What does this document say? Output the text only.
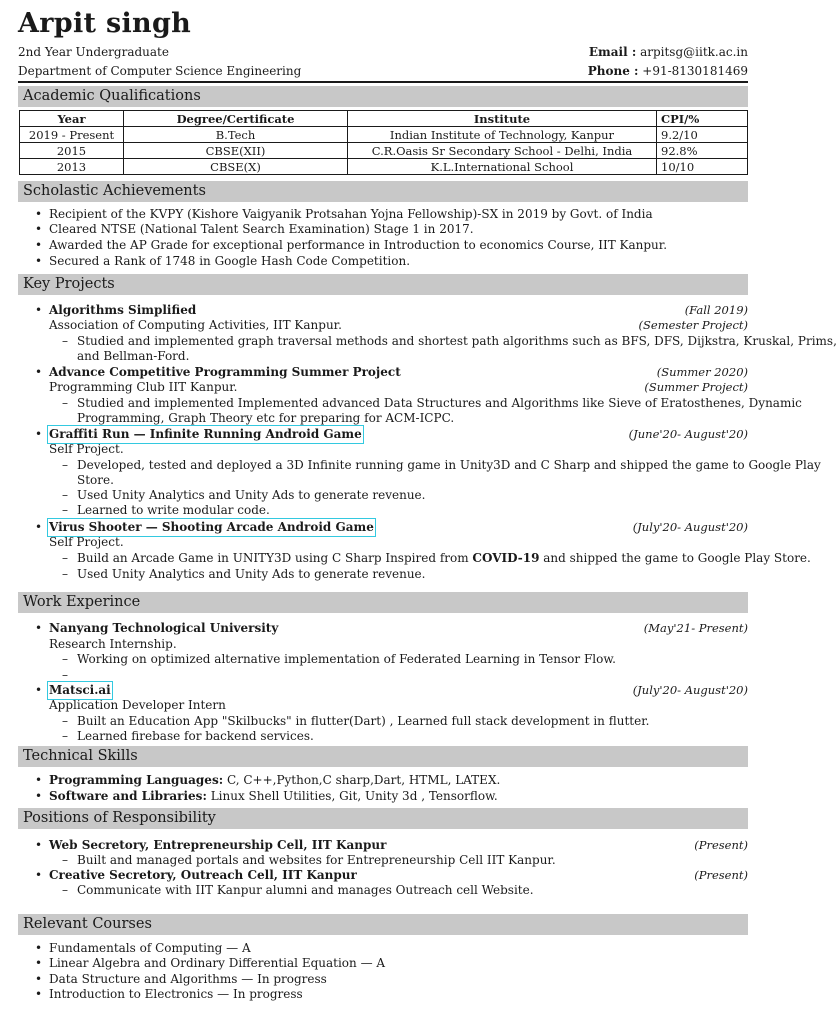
Arpit singh
2nd Year Undergraduate
Department of Computer Science Engineering
Email : arpitsg@iitk.ac.in
Phone : +91-8130181469
Academic Qualifications
Year	Degree/Certificate	Institute	CPI/%
2019 - Present	B.Tech	Indian Institute of Technology, Kanpur	9.2/10
2015	CBSE(XII)	C.R.Oasis Sr Secondary School - Delhi, India	92.8%
2013	CBSE(X)	K.L.International School	10/10
Scholastic Achievements
• Recipient of the KVPY (Kishore Vaigyanik Protsahan Yojna Fellowship)-SX in 2019 by Govt. of India
• Cleared NTSE (National Talent Search Examination) Stage 1 in 2017.
• Awarded the AP Grade for exceptional performance in Introduction to economics Course, IIT Kanpur.
• Secured a Rank of 1748 in Google Hash Code Competition.
Key Projects
• Algorithms Simplified	(Fall 2019)
Association of Computing Activities, IIT Kanpur.	(Semester Project)
– Studied and implemented graph traversal methods and shortest path algorithms such as BFS, DFS, Dijkstra, Kruskal, Prims,
and Bellman-Ford.
• Advance Competitive Programming Summer Project	(Summer 2020)
Programming Club IIT Kanpur.	(Summer Project)
– Studied and implemented Implemented advanced Data Structures and Algorithms like Sieve of Eratosthenes, Dynamic
Programming, Graph Theory etc for preparing for ACM-ICPC.
• Graffiti Run — Infinite Running Android Game	(June'20- August'20)
Self Project.
– Developed, tested and deployed a 3D Infinite running game in Unity3D and C Sharp and shipped the game to Google Play
Store.
– Used Unity Analytics and Unity Ads to generate revenue.
– Learned to write modular code.
• Virus Shooter — Shooting Arcade Android Game	(July'20- August'20)
Self Project.
– Build an Arcade Game in UNITY3D using C Sharp Inspired from COVID-19 and shipped the game to Google Play Store.
– Used Unity Analytics and Unity Ads to generate revenue.
Work Experince
• Nanyang Technological University	(May'21- Present)
Research Internship.
– Working on optimized alternative implementation of Federated Learning in Tensor Flow.
–
• Matsci.ai	(July'20- August'20)
Application Developer Intern
– Built an Education App "Skilbucks" in flutter(Dart) , Learned full stack development in flutter.
– Learned firebase for backend services.
Technical Skills
• Programming Languages: C, C++,Python,C sharp,Dart, HTML, LATEX.
• Software and Libraries: Linux Shell Utilities, Git, Unity 3d , Tensorflow.
Positions of Responsibility
• Web Secretory, Entrepreneurship Cell, IIT Kanpur	(Present)
– Built and managed portals and websites for Entrepreneurship Cell IIT Kanpur.
• Creative Secretory, Outreach Cell, IIT Kanpur	(Present)
– Communicate with IIT Kanpur alumni and manages Outreach cell Website.
Relevant Courses
• Fundamentals of Computing — A
• Linear Algebra and Ordinary Differential Equation — A
• Data Structure and Algorithms — In progress
• Introduction to Electronics — In progress
